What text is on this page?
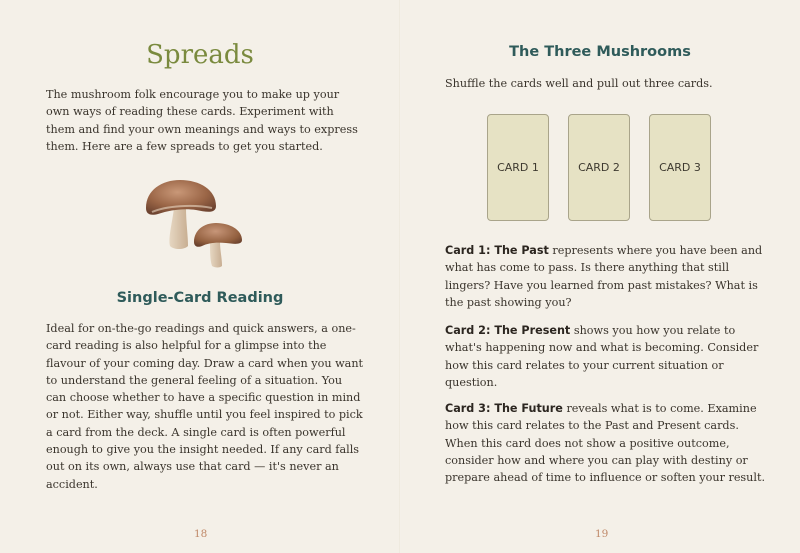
Spreads

The mushroom folk encourage you to make up your own ways of reading these cards. Experiment with them and find your own meanings and ways to express them. Here are a few spreads to get you started.

Single-Card Reading

Ideal for on-the-go readings and quick answers, a one-card reading is also helpful for a glimpse into the flavour of your coming day. Draw a card when you want to understand the general feeling of a situation. You can choose whether to have a specific question in mind or not. Either way, shuffle until you feel inspired to pick a card from the deck. A single card is often powerful enough to give you the insight needed. If any card falls out on its own, always use that card — it's never an accident.

18
The Three Mushrooms

Shuffle the cards well and pull out three cards.

CARD 1	CARD 2	CARD 3

Card 1: The Past represents where you have been and what has come to pass. Is there anything that still lingers? Have you learned from past mistakes? What is the past showing you?

Card 2: The Present shows you how you relate to what's happening now and what is becoming. Consider how this card relates to your current situation or question.

Card 3: The Future reveals what is to come. Examine how this card relates to the Past and Present cards. When this card does not show a positive outcome, consider how and where you can play with destiny or prepare ahead of time to influence or soften your result.

19
